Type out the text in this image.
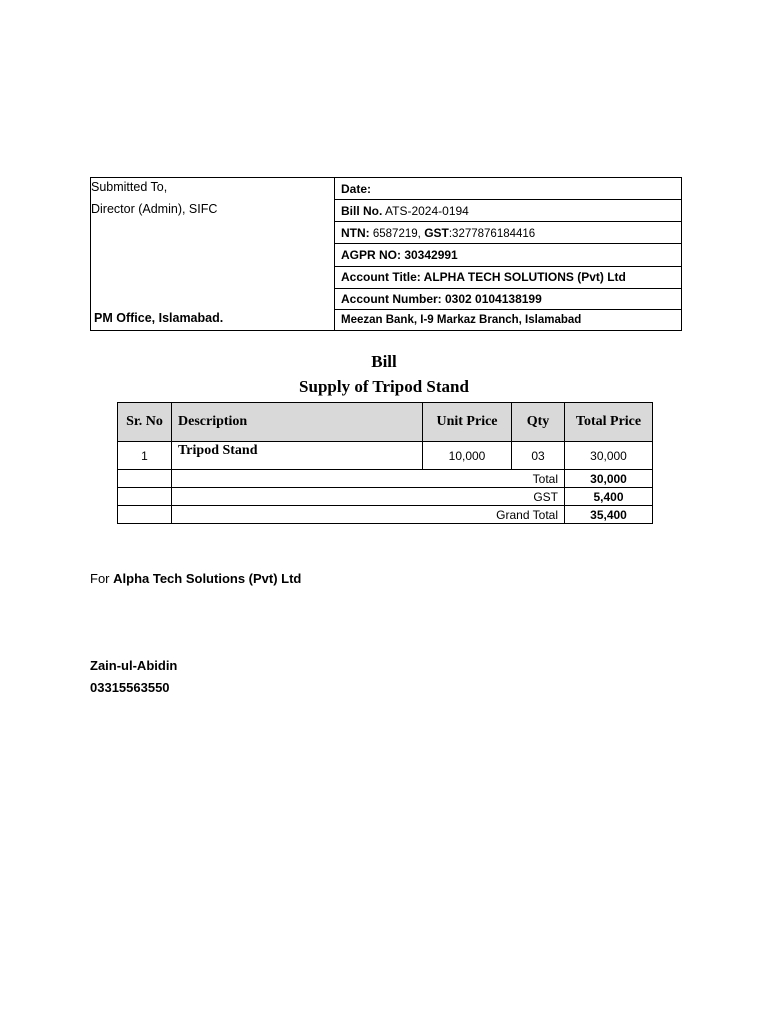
Submitted To,
Director (Admin), SIFC
PM Office, Islamabad.
	Date:
Bill No. ATS-2024-0194
NTN: 6587219, GST:3277876184416
AGPR NO: 30342991
Account Title: ALPHA TECH SOLUTIONS (Pvt) Ltd
Account Number: 0302 0104138199
Meezan Bank, I-9 Markaz Branch, Islamabad
Bill
Supply of Tripod Stand
Sr. No	Description	Unit Price	Qty	Total Price
1	Tripod Stand	10,000	03	30,000
	Total			30,000
	GST			5,400
	Grand Total			35,400
For Alpha Tech Solutions (Pvt) Ltd
Zain-ul-Abidin
03315563550
